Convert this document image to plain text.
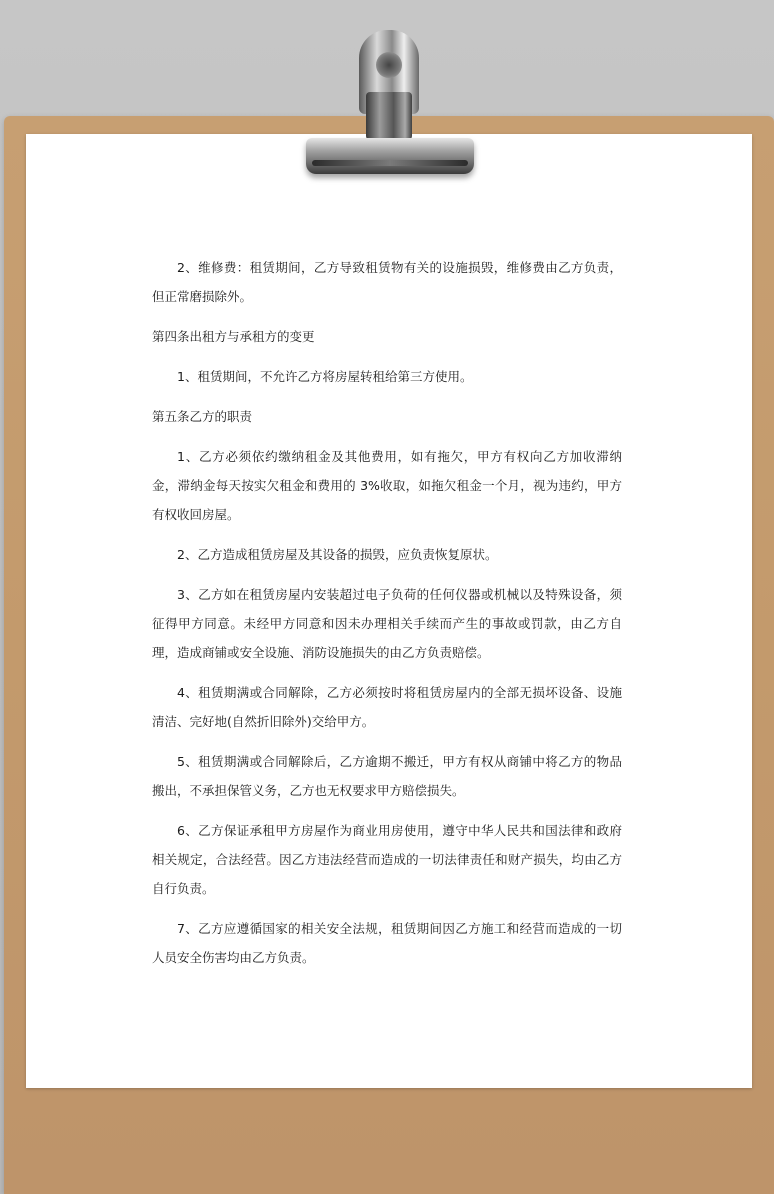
2、维修费：租赁期间，乙方导致租赁物有关的设施损毁，维修费由乙方负责，但正常磨损除外。

第四条出租方与承租方的变更

1、租赁期间，不允许乙方将房屋转租给第三方使用。

第五条乙方的职责

1、乙方必须依约缴纳租金及其他费用，如有拖欠，甲方有权向乙方加收滞纳金，滞纳金每天按实欠租金和费用的 3%收取，如拖欠租金一个月，视为违约，甲方有权收回房屋。

2、乙方造成租赁房屋及其设备的损毁，应负责恢复原状。

3、乙方如在租赁房屋内安装超过电子负荷的任何仪器或机械以及特殊设备，须征得甲方同意。未经甲方同意和因未办理相关手续而产生的事故或罚款，由乙方自理，造成商铺或安全设施、消防设施损失的由乙方负责赔偿。

4、租赁期满或合同解除，乙方必须按时将租赁房屋内的全部无损坏设备、设施清洁、完好地(自然折旧除外)交给甲方。

5、租赁期满或合同解除后，乙方逾期不搬迁，甲方有权从商铺中将乙方的物品搬出，不承担保管义务，乙方也无权要求甲方赔偿损失。

6、乙方保证承租甲方房屋作为商业用房使用，遵守中华人民共和国法律和政府相关规定，合法经营。因乙方违法经营而造成的一切法律责任和财产损失，均由乙方自行负责。

7、乙方应遵循国家的相关安全法规，租赁期间因乙方施工和经营而造成的一切人员安全伤害均由乙方负责。
